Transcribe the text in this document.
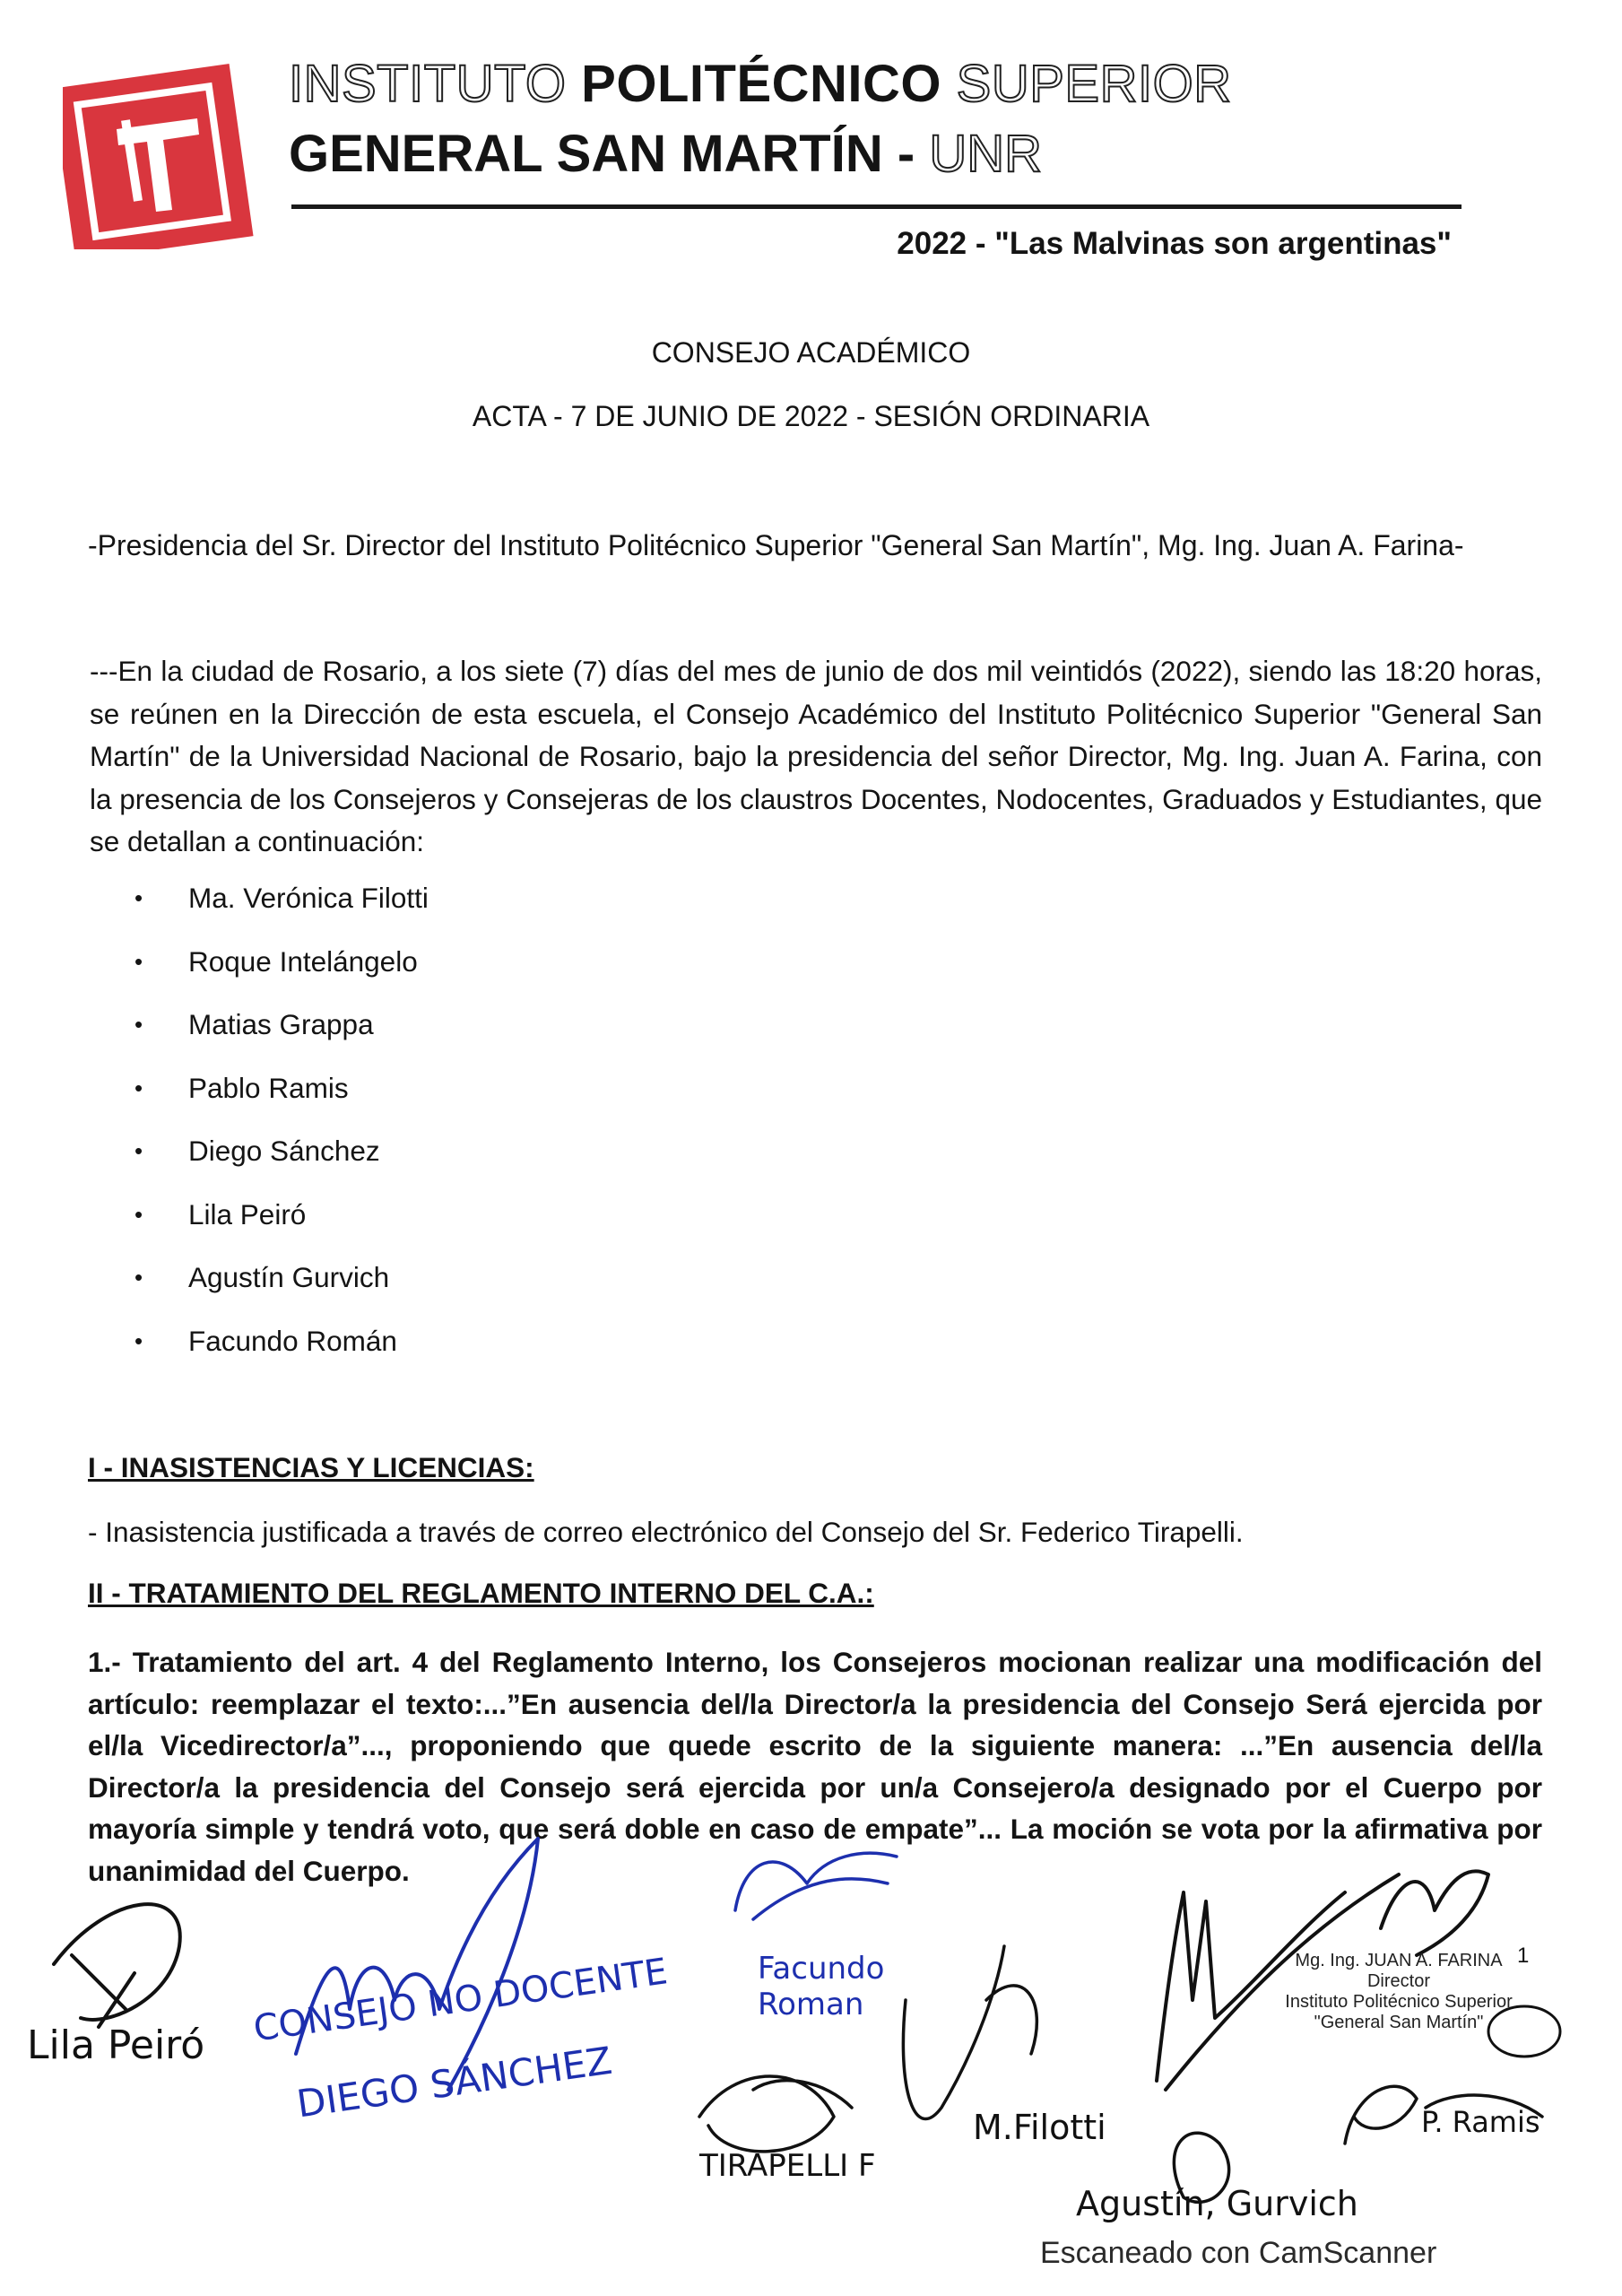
INSTITUTO POLITÉCNICO SUPERIOR
GENERAL SAN MARTÍN - UNR
2022 - "Las Malvinas son argentinas"
CONSEJO ACADÉMICO
ACTA - 7 DE JUNIO DE 2022 - SESIÓN ORDINARIA
-Presidencia del Sr. Director del Instituto Politécnico Superior "General San Martín", Mg. Ing. Juan A. Farina-
---En la ciudad de Rosario, a los siete (7) días del mes de junio de dos mil veintidós (2022), siendo las 18:20 horas, se reúnen en la Dirección de esta escuela, el Consejo Académico del Instituto Politécnico Superior "General San Martín" de la Universidad Nacional de Rosario, bajo la presidencia del señor Director, Mg. Ing. Juan A. Farina, con la presencia de los Consejeros y Consejeras de los claustros Docentes, Nodocentes, Graduados y Estudiantes, que se detallan a continuación:
• Ma. Verónica Filotti
• Roque Intelángelo
• Matias Grappa
• Pablo Ramis
• Diego Sánchez
• Lila Peiró
• Agustín Gurvich
• Facundo Román
I - INASISTENCIAS Y LICENCIAS:
- Inasistencia justificada a través de correo electrónico del Consejo del Sr. Federico Tirapelli.
II - TRATAMIENTO DEL REGLAMENTO INTERNO DEL C.A.:
1.- Tratamiento del art. 4 del Reglamento Interno, los Consejeros mocionan realizar una modificación del artículo: reemplazar el texto:...”En ausencia del/la Director/a la presidencia del Consejo Será ejercida por el/la Vicedirector/a”..., proponiendo que quede escrito de la siguiente manera: ...”En ausencia del/la Director/a la presidencia del Consejo será ejercida por un/a Consejero/a designado por el Cuerpo por mayoría simple y tendrá voto, que será doble en caso de empate”... La moción se vota por la afirmativa por unanimidad del Cuerpo.
Lila Peiró CONSEJO NO DOCENTE
DIEGO SÁNCHEZ
Facundo
Roman
TIRAPELLI F
M.Filotti
Agustín, Gurvich
P. Ramis
Mg. Ing. JUAN A. FARINA
Director
Instituto Politécnico Superior
"General San Martín"
1
Escaneado con CamScanner
